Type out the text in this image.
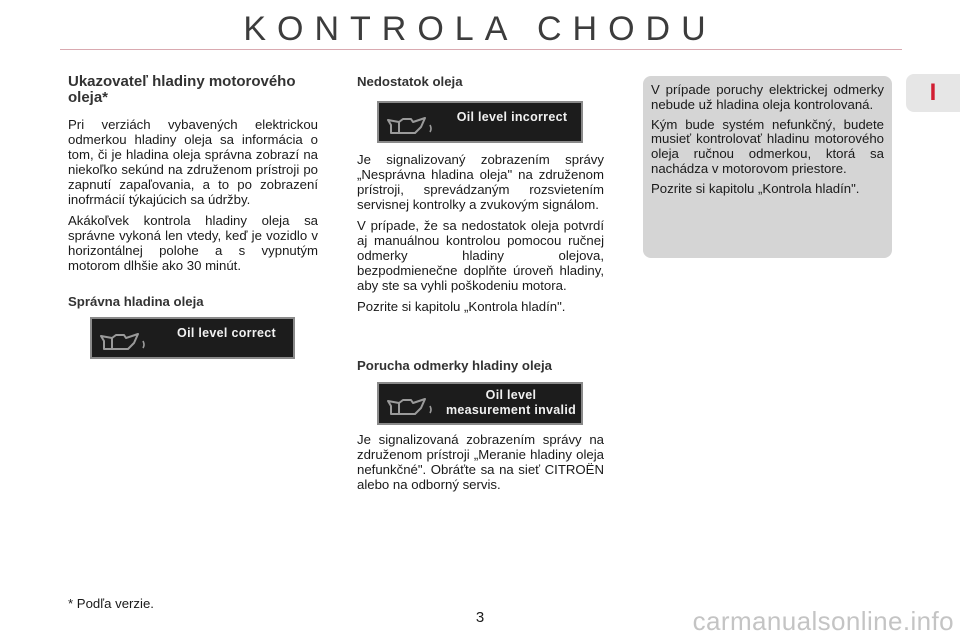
KONTROLA CHODU
I
Ukazovateľ hladiny motorového oleja*

Pri verziách vybavených elektrickou odmerkou hladiny oleja sa informácia o tom, či je hladina oleja správna zobrazí na niekoľko sekúnd na združenom prístroji po zapnutí zapaľovania, a to po zobrazení inofrmácií týkajúcich sa údržby.

Akákoľvek kontrola hladiny oleja sa správne vykoná len vtedy, keď je vozidlo v horizontálnej polohe a s vypnutým motorom dlhšie ako 30 minút.

Správna hladina oleja
Oil level correct
Nedostatok oleja
Oil level incorrect

Je signalizovaný zobrazením správy „Nesprávna hladina oleja" na združenom prístroji, sprevádzaným rozsvietením servisnej kontrolky a zvukovým signálom.

V prípade, že sa nedostatok oleja potvrdí aj manuálnou kontrolou pomocou ručnej odmerky hladiny olejova, bezpodmienečne doplňte úroveň hladiny, aby ste sa vyhli poškodeniu motora.

Pozrite si kapitolu „Kontrola hladín".

Porucha odmerky hladiny oleja
Oil level
measurement invalid

Je signalizovaná zobrazením správy na združenom prístroji „Meranie hladiny oleja nefunkčné". Obráťte sa na sieť CITROËN alebo na odborný servis.

V prípade poruchy elektrickej odmerky nebude už hladina oleja kontrolovaná.

Kým bude systém nefunkčný, budete musieť kontrolovať hladinu motorového oleja ručnou odmerkou, ktorá sa nachádza v motorovom priestore.

Pozrite si kapitolu „Kontrola hladín".

* Podľa verzie.
3	carmanualsonline.info
